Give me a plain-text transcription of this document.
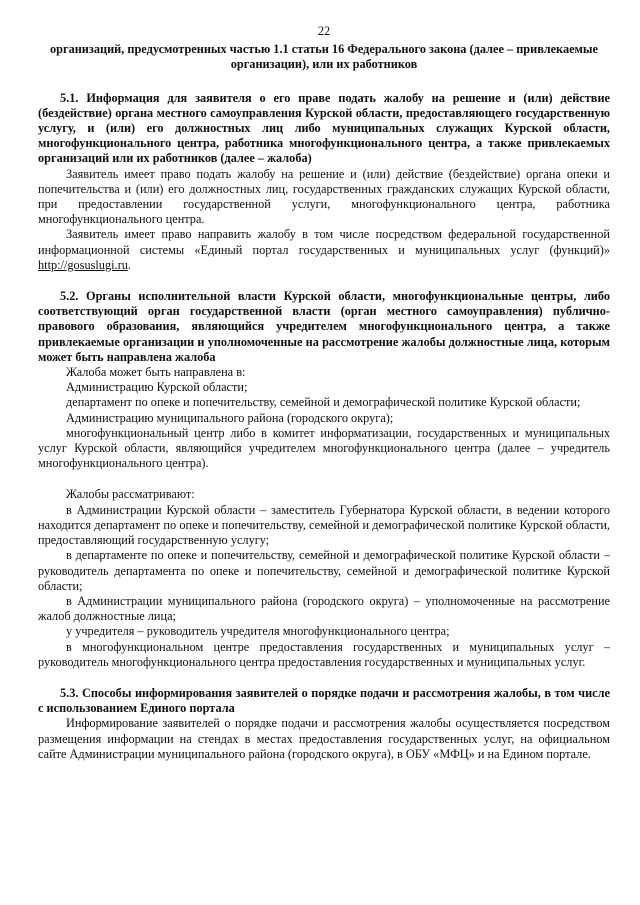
22

организаций, предусмотренных частью 1.1 статьи 16 Федерального закона (далее – привлекаемые организации), или их работников

5.1. Информация для заявителя о его праве подать жалобу на решение и (или) действие (бездействие) органа местного самоуправления Курской области, предоставляющего государственную услугу, и (или) его должностных лиц либо муниципальных служащих Курской области, многофункционального центра, работника многофункционального центра, а также привлекаемых организаций или их работников (далее – жалоба)

Заявитель имеет право подать жалобу на решение и (или) действие (бездействие) органа опеки и попечительства и (или) его должностных лиц, государственных гражданских служащих Курской области, при предоставлении государственной услуги, многофункционального центра, работника многофункционального центра.

Заявитель имеет право направить жалобу в том числе посредством федеральной государственной информационной системы «Единый портал государственных и муниципальных услуг (функций)» http://gosuslugi.ru.

5.2. Органы исполнительной власти Курской области, многофункциональные центры, либо соответствующий орган государственной власти (орган местного самоуправления) публично-правового образования, являющийся учредителем многофункционального центра, а также привлекаемые организации и уполномоченные на рассмотрение жалобы должностные лица, которым может быть направлена жалоба

Жалоба может быть направлена в:

Администрацию Курской области;

департамент по опеке и попечительству, семейной и демографической политике Курской области;

Администрацию муниципального района (городского округа);

многофункциональный центр либо в комитет информатизации, государственных и муниципальных услуг Курской области, являющийся учредителем многофункционального центра (далее – учредитель многофункционального центра).

Жалобы рассматривают:

в Администрации Курской области – заместитель Губернатора Курской области, в ведении которого находится департамент по опеке и попечительству, семейной и демографической политике Курской области, предоставляющий государственную услугу;

в департаменте по опеке и попечительству, семейной и демографической политике Курской области – руководитель департамента по опеке и попечительству, семейной и демографической политике Курской области;

в Администрации муниципального района (городского округа) – уполномоченные на рассмотрение жалоб должностные лица;

у учредителя – руководитель учредителя многофункционального центра;

в многофункциональном центре предоставления государственных и муниципальных услуг – руководитель многофункционального центра предоставления государственных и муниципальных услуг.

5.3. Способы информирования заявителей о порядке подачи и рассмотрения жалобы, в том числе с использованием Единого портала

Информирование заявителей о порядке подачи и рассмотрения жалобы осуществляется посредством размещения информации на стендах в местах предоставления государственных услуг, на официальном сайте Администрации муниципального района (городского округа), в ОБУ «МФЦ» и на Едином портале.
